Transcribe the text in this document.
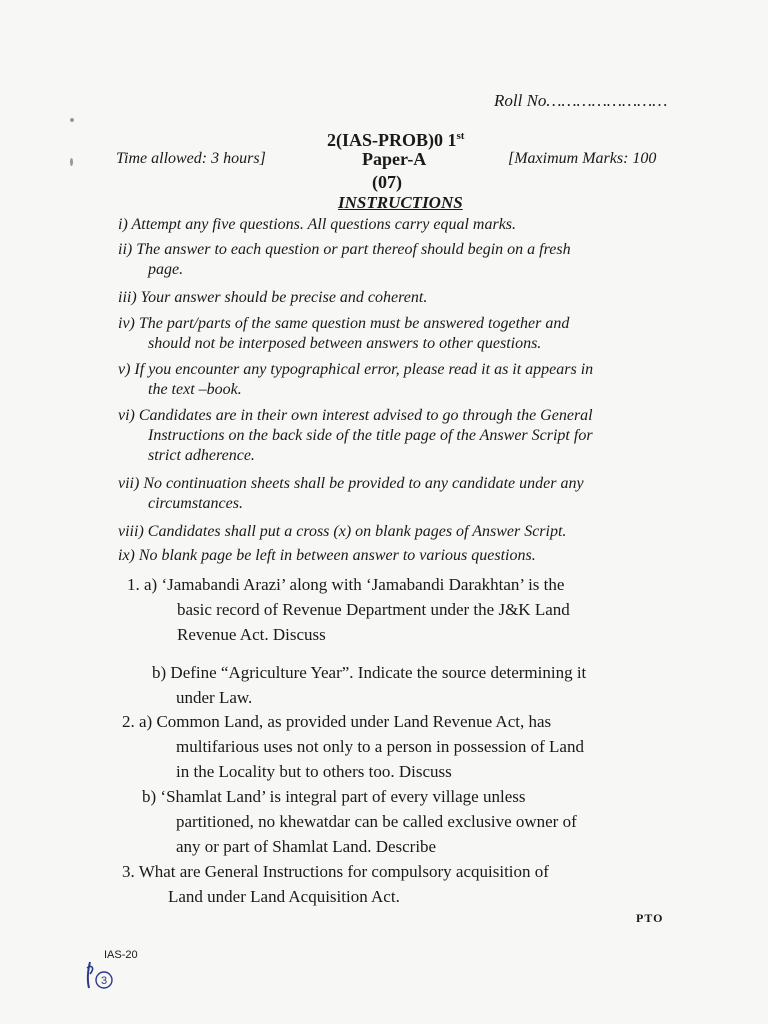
Roll No……………………
2(IAS-PROB)0 1st
Time allowed: 3 hours]	Paper-A	[Maximum Marks: 100
(07)
INSTRUCTIONS
i) Attempt any five questions. All questions carry equal marks.
ii) The answer to each question or part thereof should begin on a fresh
page.
iii) Your answer should be precise and coherent.
iv) The part/parts of the same question must be answered together and
should not be interposed between answers to other questions.
v) If you encounter any typographical error, please read it as it appears in
the text –book.
vi) Candidates are in their own interest advised to go through the General
Instructions on the back side of the title page of the Answer Script for
strict adherence.
vii) No continuation sheets shall be provided to any candidate under any
circumstances.
viii) Candidates shall put a cross (x) on blank pages of Answer Script.
ix) No blank page be left in between answer to various questions.
1. a) ‘Jamabandi Arazi’ along with ‘Jamabandi Darakhtan’ is the
basic record of Revenue Department under the J&K Land
Revenue Act. Discuss
b) Define “Agriculture Year”. Indicate the source determining it
under Law.
2. a) Common Land, as provided under Land Revenue Act, has
multifarious uses not only to a person in possession of Land
in the Locality but to others too. Discuss
b) ‘Shamlat Land’ is integral part of every village unless
partitioned, no khewatdar can be called exclusive owner of
any or part of Shamlat Land. Describe
3. What are General Instructions for compulsory acquisition of
Land under Land Acquisition Act.
PTO
IAS-20
3
